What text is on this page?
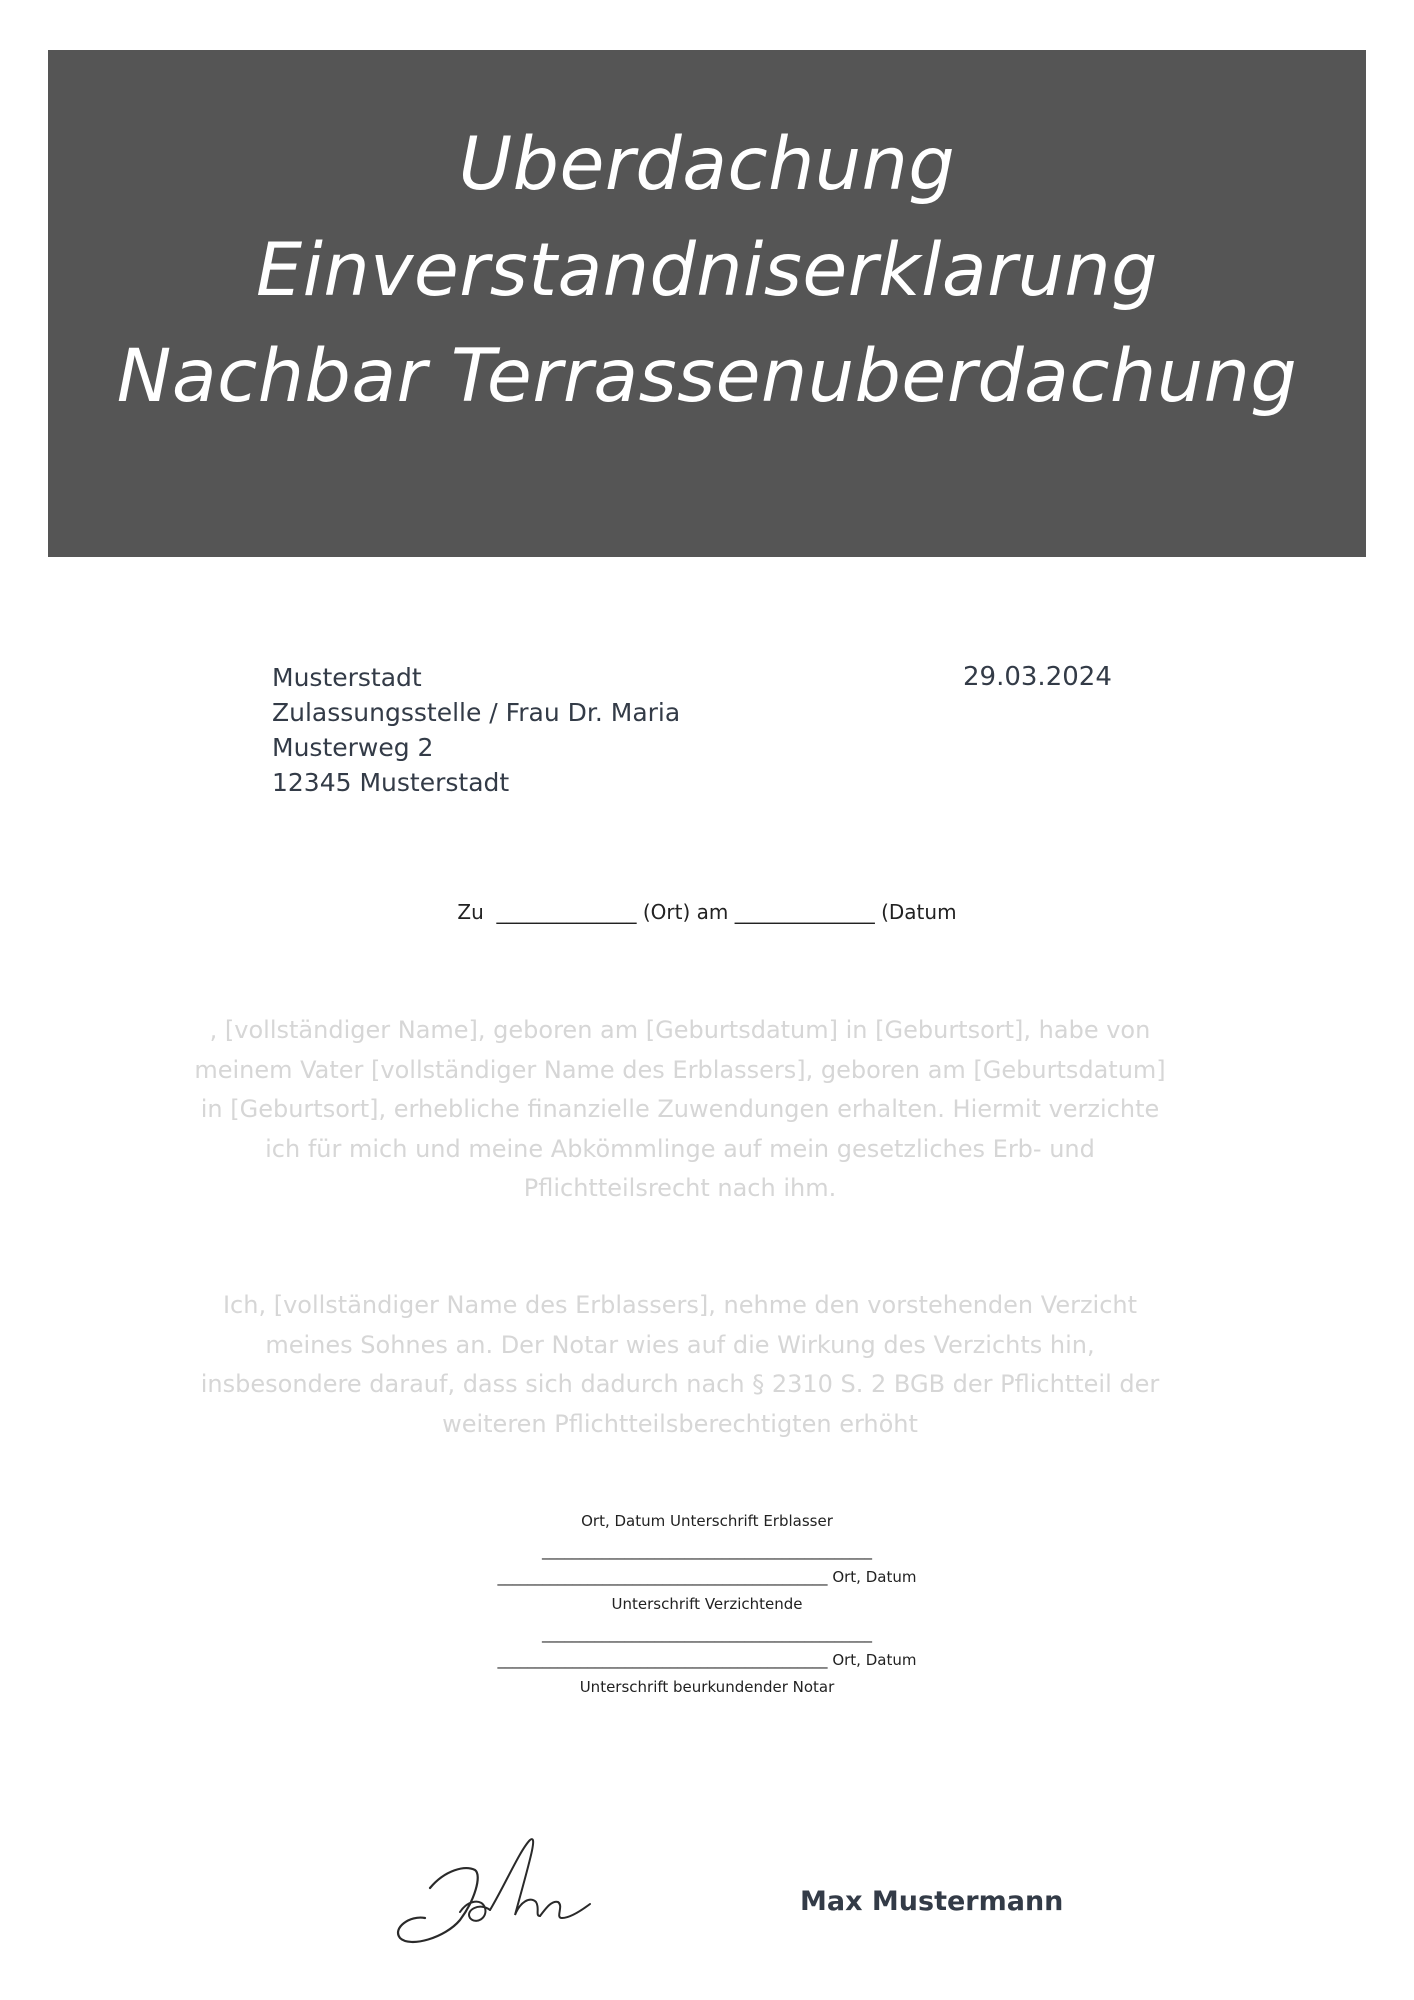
Uberdachung
Einverstandniserklarung
Nachbar Terrassenuberdachung
Musterstadt
Zulassungsstelle / Frau Dr. Maria
Musterweg 2
12345 Musterstadt
29.03.2024
Zu  ______________ (Ort) am ______________ (Datum
, [vollständiger Name], geboren am [Geburtsdatum] in [Geburtsort], habe von
meinem Vater [vollständiger Name des Erblassers], geboren am [Geburtsdatum]
in [Geburtsort], erhebliche finanzielle Zuwendungen erhalten. Hiermit verzichte
ich für mich und meine Abkömmlinge auf mein gesetzliches Erb- und
Pflichtteilsrecht nach ihm.
Ich, [vollständiger Name des Erblassers], nehme den vorstehenden Verzicht
meines Sohnes an. Der Notar wies auf die Wirkung des Verzichts hin,
insbesondere darauf, dass sich dadurch nach § 2310 S. 2 BGB der Pflichtteil der
weiteren Pflichtteilsberechtigten erhöht
Ort, Datum Unterschrift Erblasser
____________________________________________
____________________________________________ Ort, Datum
Unterschrift Verzichtende
____________________________________________
____________________________________________ Ort, Datum
Unterschrift beurkundender Notar
Max Mustermann
